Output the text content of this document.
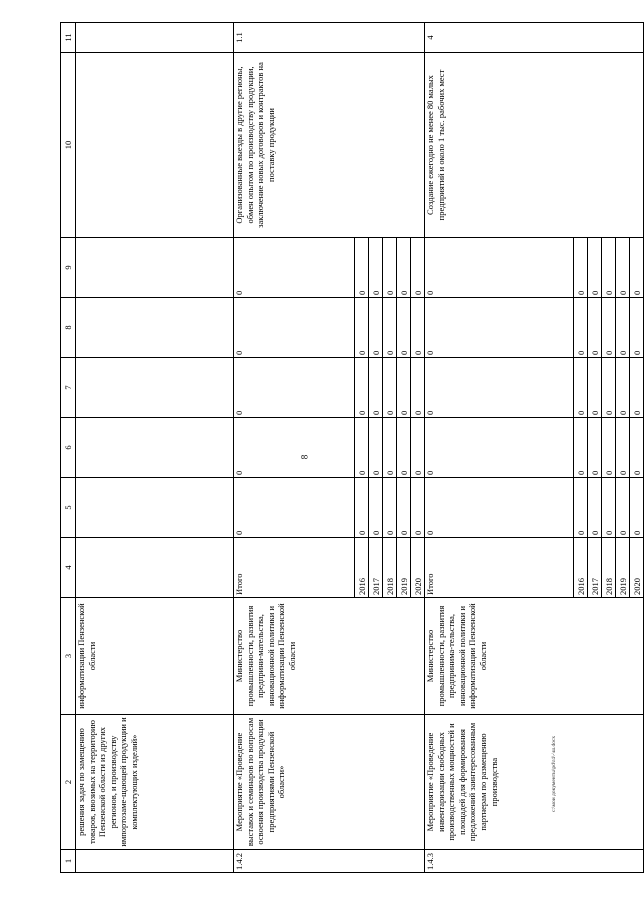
8
c:\мои документы\pd\r4\-\ш.docx
1	2	3	4	5	6	7	8	9	10	11
	решения задач по замещению товаров, ввозимых на территорию Пензенской области из других регионов, и производству импортозаме-щающей продукции и комплектующих изделий»	информатизации Пензенской области								
1.4.2	Мероприятие «Проведение выставок и семинаров по вопросам освоения производства продукции предприятиями Пензенской области»	Министерство промышленности, развития предприни-мательства, инновационной политики и информатизации Пензенской области	Итого	0	0	0	0	0	Организованные выезды в другие регионы, обмен опытом по производству продукции, заключение новых договоров и контрактов на поставку продукции	1.1
			2016	0	0	0	0	0		
			2017	0	0	0	0	0		
			2018	0	0	0	0	0		
			2019	0	0	0	0	0		
			2020	0	0	0	0	0		
1.4.3	Мероприятие «Проведение инвентаризации свободных производственных мощностей и площадей для формирования предложений заинтересованным партнерам по размещению производства	Министерство промышленности, развития предпринима-тельства, инновационной политики и информатизации Пензенской области	Итого	0	0	0	0	0	Создание ежегодно не менее 80 малых предприятий и около 1 тыс. рабочих мест	4
			2016	0	0	0	0	0		
			2017	0	0	0	0	0		
			2018	0	0	0	0	0		
			2019	0	0	0	0	0		
			2020	0	0	0	0	0		
